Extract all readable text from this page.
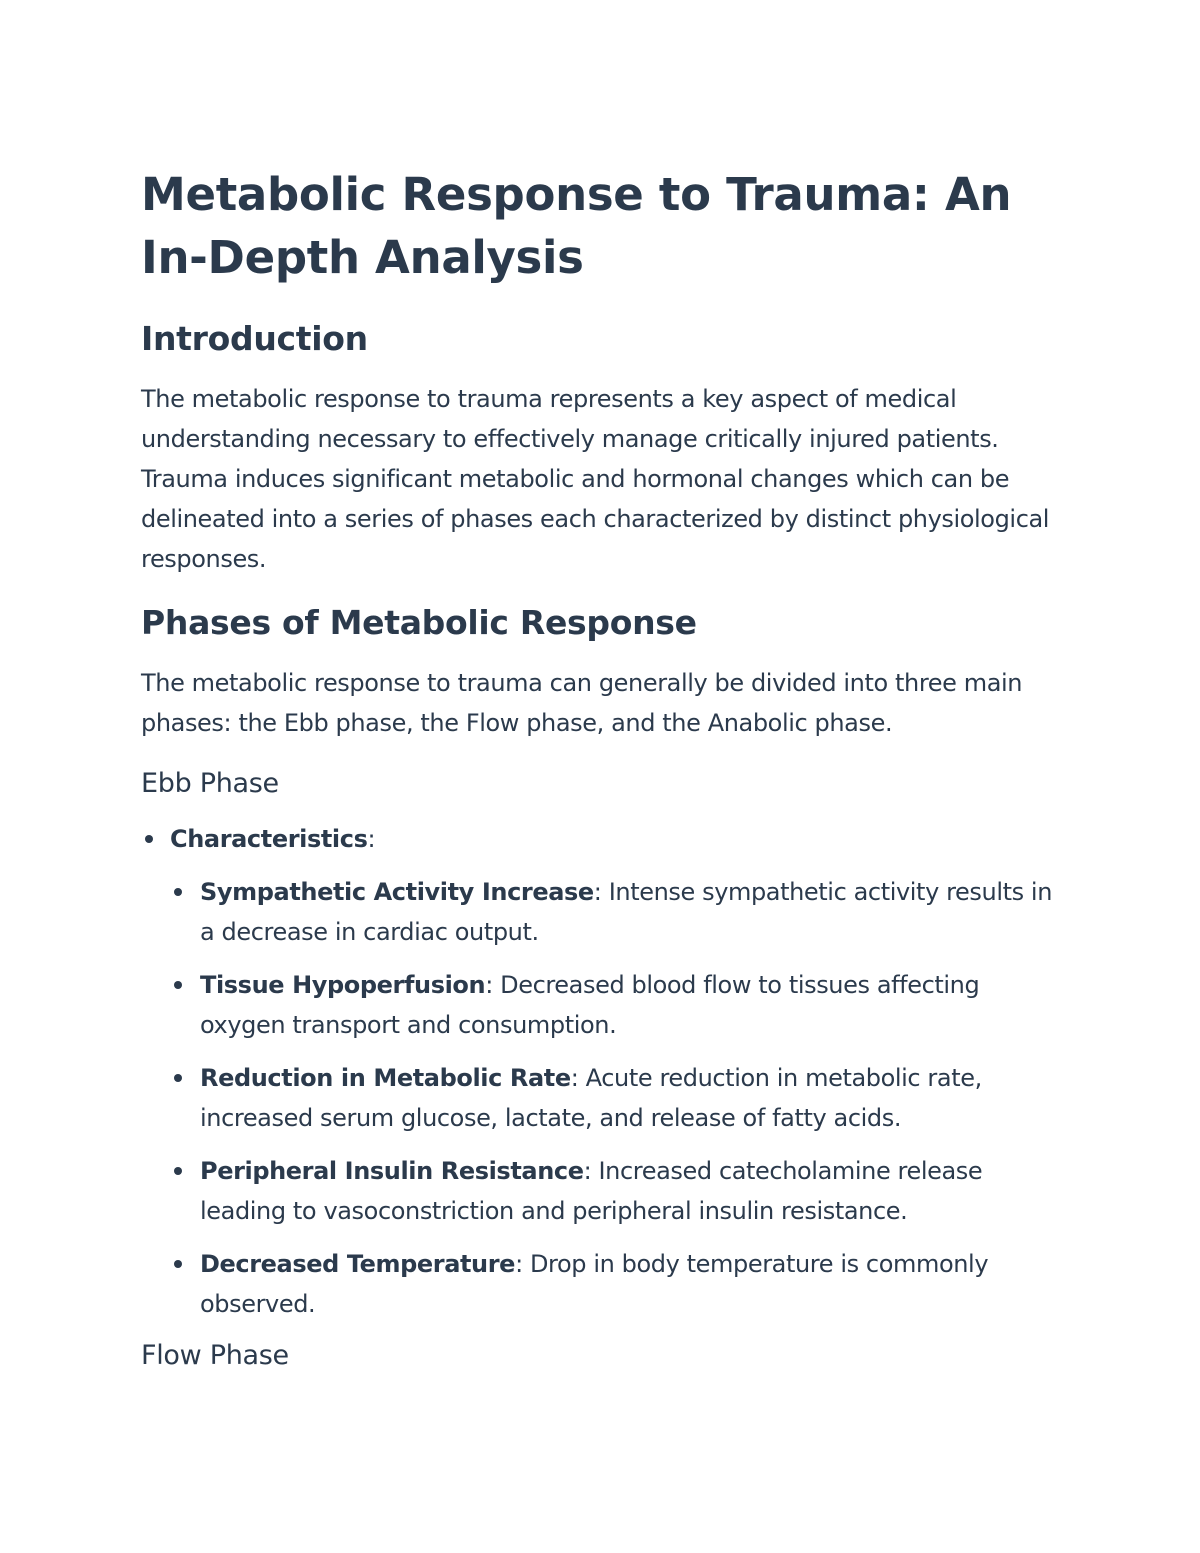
Metabolic Response to Trauma: An In-Depth Analysis
Introduction

The metabolic response to trauma represents a key aspect of medical understanding necessary to effectively manage critically injured patients. Trauma induces significant metabolic and hormonal changes which can be delineated into a series of phases each characterized by distinct physiological responses.

Phases of Metabolic Response

The metabolic response to trauma can generally be divided into three main phases: the Ebb phase, the Flow phase, and the Anabolic phase.

Ebb Phase
Characteristics:
Sympathetic Activity Increase: Intense sympathetic activity results in a decrease in cardiac output.
Tissue Hypoperfusion: Decreased blood flow to tissues affecting oxygen transport and consumption.
Reduction in Metabolic Rate: Acute reduction in metabolic rate, increased serum glucose, lactate, and release of fatty acids.
Peripheral Insulin Resistance: Increased catecholamine release leading to vasoconstriction and peripheral insulin resistance.
Decreased Temperature: Drop in body temperature is commonly observed.
Flow Phase
